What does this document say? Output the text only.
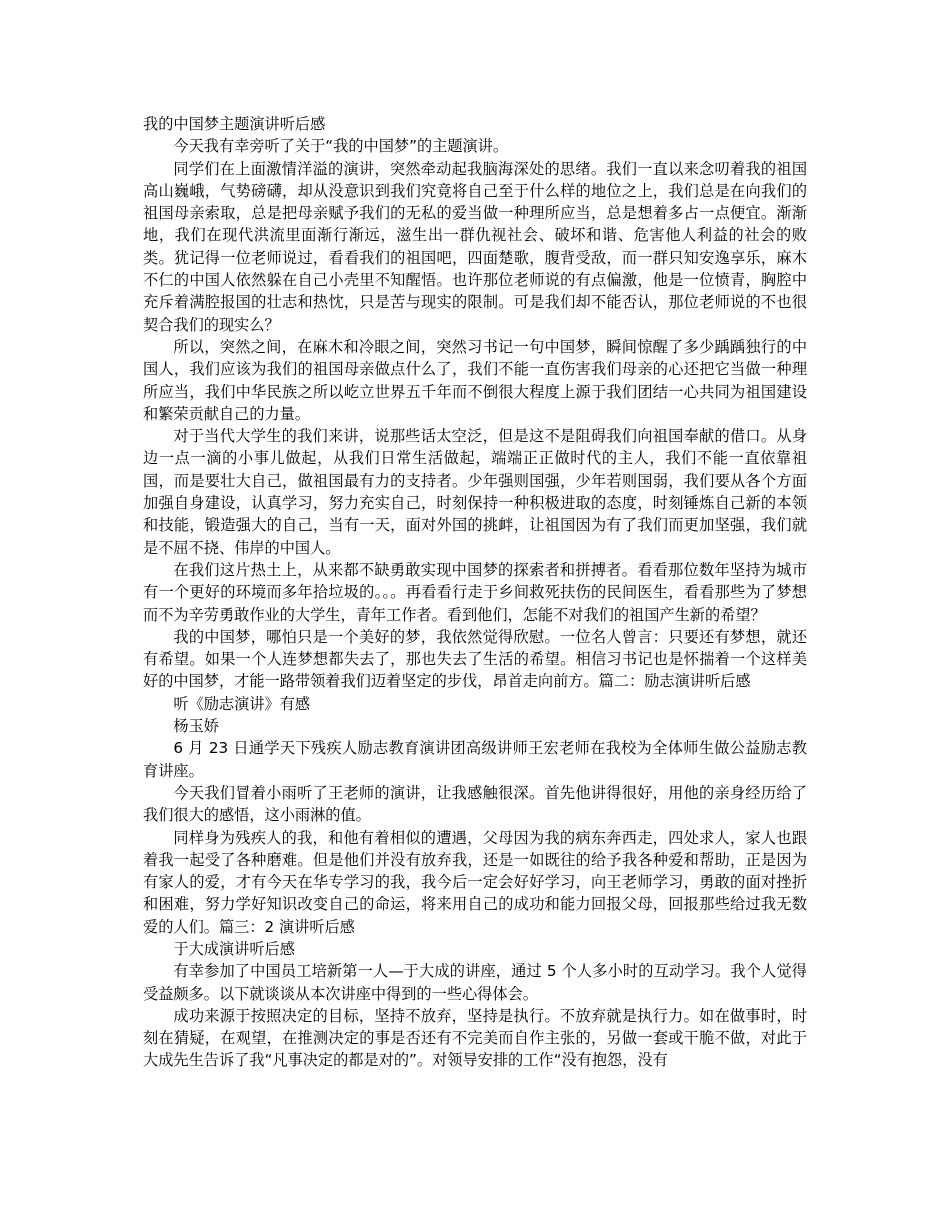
我的中国梦主题演讲听后感

今天我有幸旁听了关于“我的中国梦”的主题演讲。

同学们在上面激情洋溢的演讲，突然牵动起我脑海深处的思绪。我们一直以来念叨着我的祖国高山巍峨，气势磅礴，却从没意识到我们究竟将自己至于什么样的地位之上，我们总是在向我们的祖国母亲索取，总是把母亲赋予我们的无私的爱当做一种理所应当，总是想着多占一点便宜。渐渐地，我们在现代洪流里面渐行渐远，滋生出一群仇视社会、破坏和谐、危害他人利益的社会的败类。犹记得一位老师说过，看看我们的祖国吧，四面楚歌，腹背受敌，而一群只知安逸享乐，麻木不仁的中国人依然躲在自己小壳里不知醒悟。也许那位老师说的有点偏激，他是一位愤青，胸腔中充斥着满腔报国的壮志和热忱，只是苦与现实的限制。可是我们却不能否认，那位老师说的不也很契合我们的现实么？

所以，突然之间，在麻木和冷眼之间，突然习书记一句中国梦，瞬间惊醒了多少踽踽独行的中国人，我们应该为我们的祖国母亲做点什么了，我们不能一直伤害我们母亲的心还把它当做一种理所应当，我们中华民族之所以屹立世界五千年而不倒很大程度上源于我们团结一心共同为祖国建设和繁荣贡献自己的力量。

对于当代大学生的我们来讲，说那些话太空泛，但是这不是阻碍我们向祖国奉献的借口。从身边一点一滴的小事儿做起，从我们日常生活做起，端端正正做时代的主人，我们不能一直依靠祖国，而是要壮大自己，做祖国最有力的支持者。少年强则国强，少年若则国弱，我们要从各个方面加强自身建设，认真学习，努力充实自己，时刻保持一种积极进取的态度，时刻锤炼自己新的本领和技能，锻造强大的自己，当有一天，面对外国的挑衅，让祖国因为有了我们而更加坚强，我们就是不屈不挠、伟岸的中国人。

在我们这片热土上，从来都不缺勇敢实现中国梦的探索者和拼搏者。看看那位数年坚持为城市有一个更好的环境而多年拾垃圾的。。。再看看行走于乡间救死扶伤的民间医生，看看那些为了梦想而不为辛劳勇敢作业的大学生，青年工作者。看到他们，怎能不对我们的祖国产生新的希望？

我的中国梦，哪怕只是一个美好的梦，我依然觉得欣慰。一位名人曾言：只要还有梦想，就还有希望。如果一个人连梦想都失去了，那也失去了生活的希望。相信习书记也是怀揣着一个这样美好的中国梦，才能一路带领着我们迈着坚定的步伐，昂首走向前方。篇二：励志演讲听后感

听《励志演讲》有感

杨玉娇

6 月 23 日通学天下残疾人励志教育演讲团高级讲师王宏老师在我校为全体师生做公益励志教育讲座。

今天我们冒着小雨听了王老师的演讲，让我感触很深。首先他讲得很好，用他的亲身经历给了我们很大的感悟，这小雨淋的值。

同样身为残疾人的我，和他有着相似的遭遇，父母因为我的病东奔西走，四处求人，家人也跟着我一起受了各种磨难。但是他们并没有放弃我，还是一如既往的给予我各种爱和帮助，正是因为有家人的爱，才有今天在华专学习的我，我今后一定会好好学习，向王老师学习，勇敢的面对挫折和困难，努力学好知识改变自己的命运，将来用自己的成功和能力回报父母，回报那些给过我无数爱的人们。篇三：2 演讲听后感

于大成演讲听后感

有幸参加了中国员工培新第一人—于大成的讲座，通过 5 个人多小时的互动学习。我个人觉得受益颇多。以下就谈谈从本次讲座中得到的一些心得体会。

成功来源于按照决定的目标，坚持不放弃，坚持是执行。不放弃就是执行力。如在做事时，时刻在猜疑，在观望，在推测决定的事是否还有不完美而自作主张的，另做一套或干脆不做，对此于大成先生告诉了我“凡事决定的都是对的”。对领导安排的工作“没有抱怨，没有
